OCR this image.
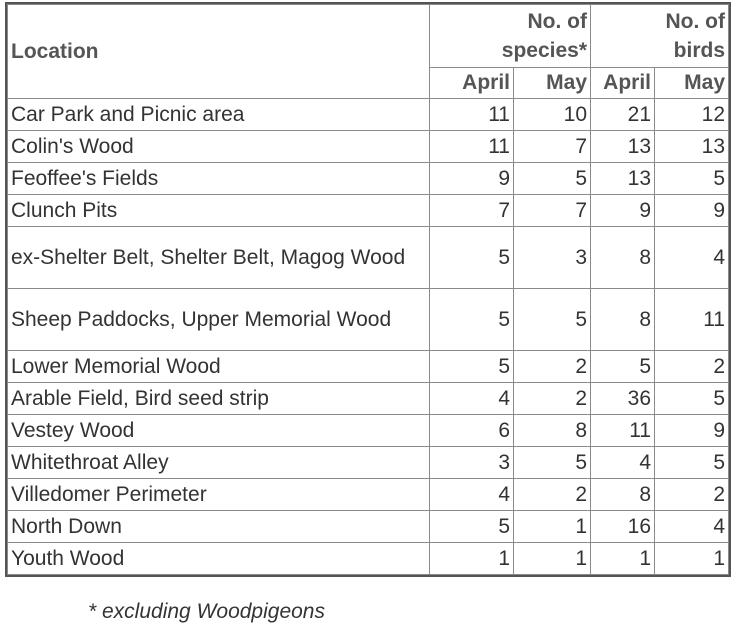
Location	No. of species*		No. of birds	

	April	May	April	May
Car Park and Picnic area	11	10	21	12
Colin's Wood	11	7	13	13
Feoffee's Fields	9	5	13	5
Clunch Pits	7	7	9	9
ex-Shelter Belt, Shelter Belt, Magog Wood	5	3	8	4
Sheep Paddocks, Upper Memorial Wood	5	5	8	11
Lower Memorial Wood	5	2	5	2
Arable Field, Bird seed strip	4	2	36	5
Vestey Wood	6	8	11	9
Whitethroat Alley	3	5	4	5
Villedomer Perimeter	4	2	8	2
North Down	5	1	16	4
Youth Wood	1	1	1	1
* excluding Woodpigeons
